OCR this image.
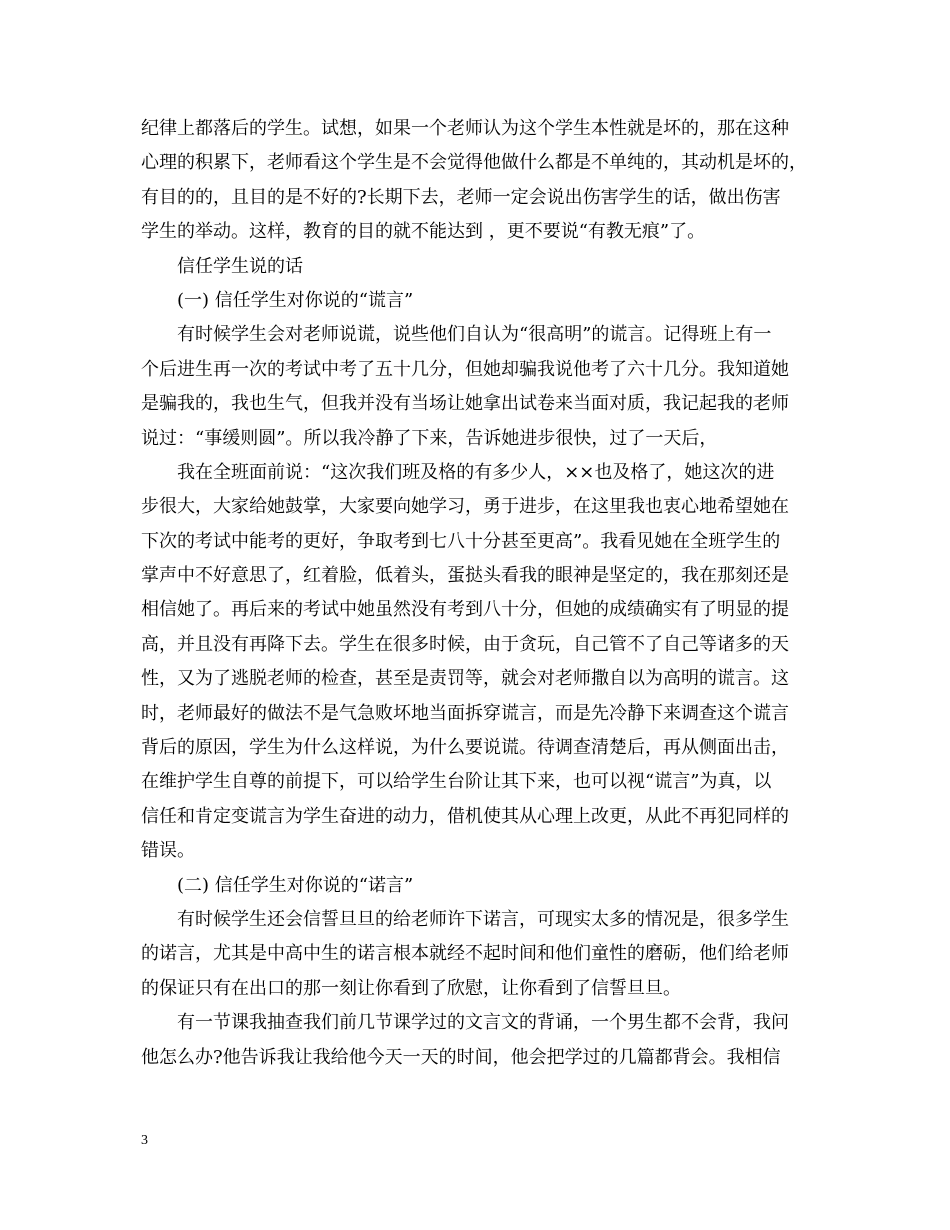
纪律上都落后的学生。试想，如果一个老师认为这个学生本性就是坏的，那在这种
心理的积累下，老师看这个学生是不会觉得他做什么都是不单纯的，其动机是坏的，
有目的的，且目的是不好的?长期下去，老师一定会说出伤害学生的话，做出伤害
学生的举动。这样，教育的目的就不能达到 ，更不要说“有教无痕”了。
信任学生说的话
(一) 信任学生对你说的“谎言”
有时候学生会对老师说谎，说些他们自认为“很高明”的谎言。记得班上有一
个后进生再一次的考试中考了五十几分，但她却骗我说他考了六十几分。我知道她
是骗我的，我也生气，但我并没有当场让她拿出试卷来当面对质，我记起我的老师
说过：“事缓则圆”。所以我冷静了下来，告诉她进步很快，过了一天后，
我在全班面前说：“这次我们班及格的有多少人，××也及格了，她这次的进
步很大，大家给她鼓掌，大家要向她学习，勇于进步，在这里我也衷心地希望她在
下次的考试中能考的更好，争取考到七八十分甚至更高”。我看见她在全班学生的
掌声中不好意思了，红着脸，低着头，蛋挞头看我的眼神是坚定的，我在那刻还是
相信她了。再后来的考试中她虽然没有考到八十分，但她的成绩确实有了明显的提
高，并且没有再降下去。学生在很多时候，由于贪玩，自己管不了自己等诸多的天
性，又为了逃脱老师的检查，甚至是责罚等，就会对老师撒自以为高明的谎言。这
时，老师最好的做法不是气急败坏地当面拆穿谎言，而是先冷静下来调查这个谎言
背后的原因，学生为什么这样说，为什么要说谎。待调查清楚后，再从侧面出击，
在维护学生自尊的前提下，可以给学生台阶让其下来，也可以视“谎言”为真，以
信任和肯定变谎言为学生奋进的动力，借机使其从心理上改更，从此不再犯同样的
错误。
(二) 信任学生对你说的“诺言”
有时候学生还会信誓旦旦的给老师许下诺言，可现实太多的情况是，很多学生
的诺言，尤其是中高中生的诺言根本就经不起时间和他们童性的磨砺，他们给老师
的保证只有在出口的那一刻让你看到了欣慰，让你看到了信誓旦旦。
有一节课我抽查我们前几节课学过的文言文的背诵，一个男生都不会背，我问
他怎么办?他告诉我让我给他今天一天的时间，他会把学过的几篇都背会。我相信
3
